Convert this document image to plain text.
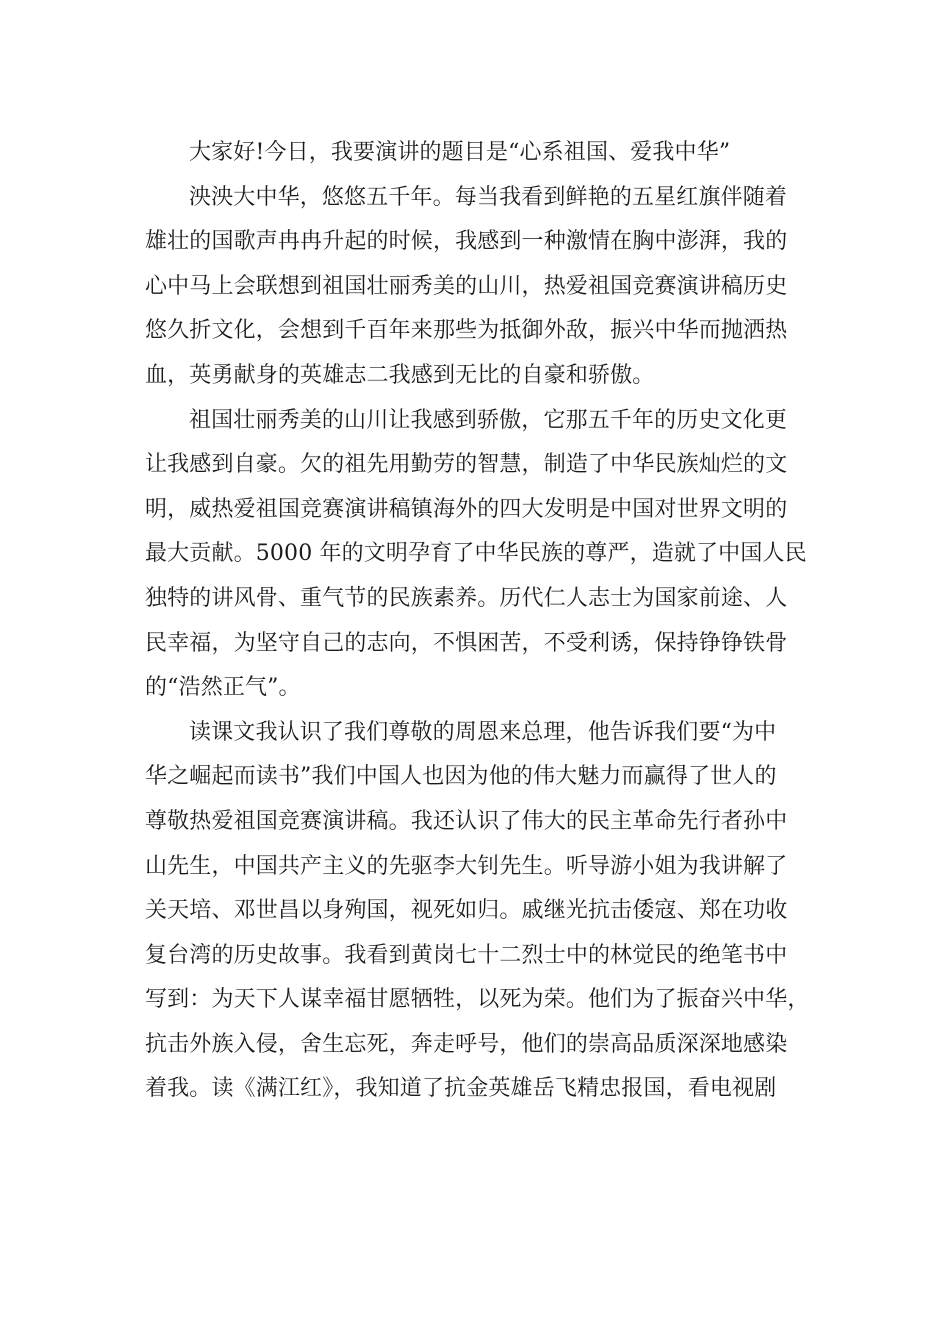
大家好!今日，我要演讲的题目是“心系祖国、爱我中华”

泱泱大中华，悠悠五千年。每当我看到鲜艳的五星红旗伴随着
雄壮的国歌声冉冉升起的时候，我感到一种激情在胸中澎湃，我的
心中马上会联想到祖国壮丽秀美的山川，热爱祖国竞赛演讲稿历史
悠久折文化，会想到千百年来那些为抵御外敌，振兴中华而抛洒热
血，英勇献身的英雄志二我感到无比的自豪和骄傲。

祖国壮丽秀美的山川让我感到骄傲，它那五千年的历史文化更
让我感到自豪。欠的祖先用勤劳的智慧，制造了中华民族灿烂的文
明，威热爱祖国竞赛演讲稿镇海外的四大发明是中国对世界文明的
最大贡献。5000 年的文明孕育了中华民族的尊严，造就了中国人民
独特的讲风骨、重气节的民族素养。历代仁人志士为国家前途、人
民幸福，为坚守自己的志向，不惧困苦，不受利诱，保持铮铮铁骨
的“浩然正气”。

读课文我认识了我们尊敬的周恩来总理，他告诉我们要“为中
华之崛起而读书”我们中国人也因为他的伟大魅力而赢得了世人的
尊敬热爱祖国竞赛演讲稿。我还认识了伟大的民主革命先行者孙中
山先生，中国共产主义的先驱李大钊先生。听导游小姐为我讲解了
关天培、邓世昌以身殉国，视死如归。戚继光抗击倭寇、郑在功收
复台湾的历史故事。我看到黄岗七十二烈士中的林觉民的绝笔书中
写到：为天下人谋幸福甘愿牺牲，以死为荣。他们为了振奋兴中华，
抗击外族入侵，舍生忘死，奔走呼号，他们的崇高品质深深地感染
着我。读《满江红》，我知道了抗金英雄岳飞精忠报国，看电视剧
